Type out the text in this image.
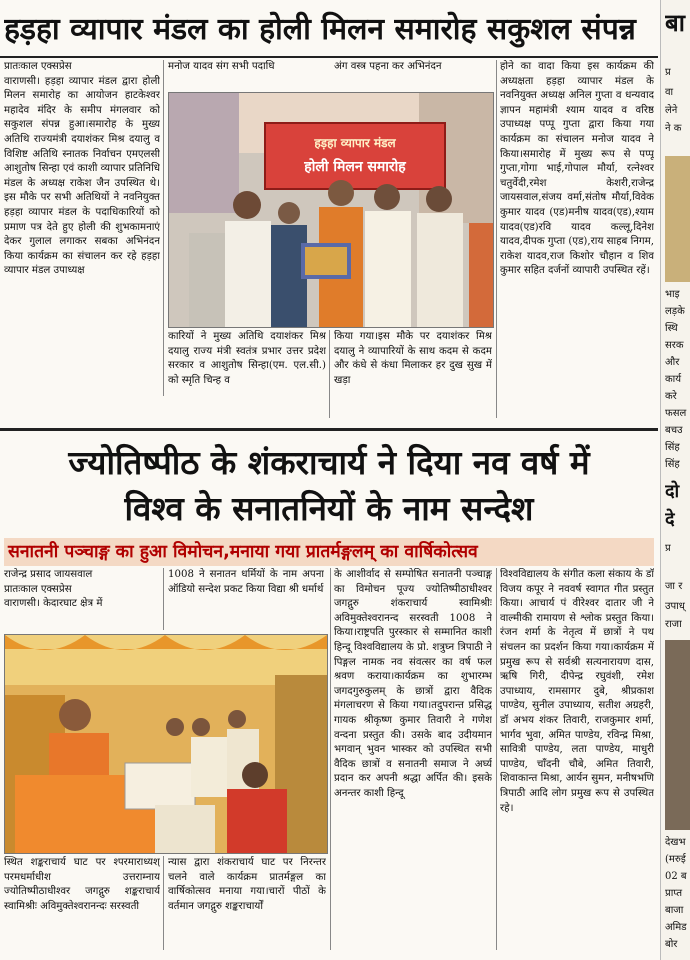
हड़हा व्यापार मंडल का होली मिलन समारोह सकुशल संपन्न
प्रातःकाल एक्सप्रेस
वाराणसी। हड़हा व्यापार मंडल द्वारा होली मिलन समारोह का आयोजन हाटकेश्वर महादेव मंदिर के समीप मंगलवार को सकुशल संपन्न हुआ।समारोह के मुख्य अतिथि राज्यमंत्री दयाशंकर मिश्र दयालु व विशिष्ट अतिथि स्नातक निर्वाचन एमएलसी आशुतोष सिन्हा एवं काशी व्यापार प्रतिनिधि मंडल के अध्यक्ष राकेश जैन उपस्थित थे।इस मौके पर सभी अतिथियों ने नवनियुक्त हड़हा व्यापार मंडल के पदाधिकारियों को प्रमाण पत्र देते हुए होली की शुभकामनाएं देकर गुलाल लगाकर सबका अभिनंदन किया कार्यक्रम का संचालन कर रहे हड़हा व्यापार मंडल उपाध्यक्ष
मनोज यादव संग सभी पदाधि	अंग वस्त्र पहना कर अभिनंदन
हड़हा व्यापार मंडल
होली मिलन समारोह
कारियों ने मुख्य अतिथि दयाशंकर मिश्र दयालु राज्य मंत्री स्वतंत्र प्रभार उत्तर प्रदेश सरकार व आशुतोष सिन्हा(एम. एल.सी.) को स्मृति चिन्ह व
किया गया।इस मौके पर दयाशंकर मिश्र दयालु ने व्यापारियों के साथ कदम से कदम और कंधे से कंधा मिलाकर हर दुख सुख में खड़ा
होने का वादा किया इस कार्यक्रम की अध्यक्षता हड़हा व्यापार मंडल के नवनियुक्त अध्यक्ष अनिल गुप्ता व धन्यवाद ज्ञापन महामंत्री श्याम यादव व वरिष्ठ उपाध्यक्ष पप्पू गुप्ता द्वारा किया गया कार्यक्रम का संचालन मनोज यादव ने किया।समारोह में मुख्य रूप से पप्पू गुप्ता,गोगा भाई,गोपाल मौर्या, रत्नेश्वर चतुर्वेदी,रमेश केशरी,राजेन्द्र जायसवाल,संजय वर्मा,संतोष मौर्या,विवेक कुमार यादव (एड)मनीष यादव(एड),श्याम यादव(एड)रवि यादव कल्लू,दिनेश यादव,दीपक गुप्ता (एड),राय साहब निगम, राकेश यादव,राज किशोर चौहान व शिव कुमार सहित दर्जनों व्यापारी उपस्थित रहें।
ज्योतिष्पीठ के शंकराचार्य ने दिया नव वर्ष में
विश्व के सनातनियों के नाम सन्देश
सनातनी पञ्चाङ्ग का हुआ विमोचन,मनाया गया प्रातर्मङ्गलम् का वार्षिकोत्सव
राजेन्द्र प्रसाद जायसवाल
प्रातःकाल एक्सप्रेस
वाराणसी। केदारघाट क्षेत्र में
1008 ने सनातन धर्मियों के नाम अपना ऑडियो सन्देश प्रकट किया विद्या श्री धर्मार्थ
स्थित शङ्कराचार्य घाट पर श्परमाराध्यश् परमधर्माधीश उत्तराम्नाय ज्योतिष्पीठाधीश्वर जगद्गुरु शङ्कराचार्य स्वामिश्रीः अविमुक्तेश्वरानन्दः सरस्वती
न्यास द्वारा शंकराचार्य घाट पर निरन्तर चलने वाले कार्यक्रम प्रातर्मङ्गल का वार्षिकोत्सव मनाया गया।चारों पीठों के वर्तमान जगद्गुरु शङ्कराचार्यों
के आशीर्वाद से सम्पोषित सनातनी पञ्चाङ्ग का विमोचन पूज्य ज्योतिष्पीठाधीश्वर जगद्गुरु शंकराचार्य स्वामिश्रीः अविमुक्तेश्वरानन्द सरस्वती 1008 ने किया।राष्ट्रपति पुरस्कार से सम्मानित काशी हिन्दू विश्वविद्यालय के प्रो. शत्रुघ्न त्रिपाठी ने पिङ्गल नामक नव संवत्सर का वर्ष फल श्रवण कराया।कार्यक्रम का शुभारम्भ जगदगुरुकुलम् के छात्रों द्वारा वैदिक मंगलाचरण से किया गया।तदुपरान्त प्रसिद्ध गायक श्रीकृष्ण कुमार तिवारी ने गणेश वन्दना प्रस्तुत की। उसके बाद उदीयमान भगवान् भुवन भास्कर को उपस्थित सभी वैदिक छात्रों व सनातनी समाज ने अर्घ्य प्रदान कर अपनी श्रद्धा अर्पित की। इसके अनन्तर काशी हिन्दू
विश्वविद्यालय के संगीत कला संकाय के डॉ विजय कपूर ने नववर्ष स्वागत गीत प्रस्तुत किया। आचार्य पं वीरेश्वर दातार जी ने वाल्मीकी रामायण से श्लोक प्रस्तुत किया। रंजन शर्मा के नेतृत्व में छात्रों ने पथ संचलन का प्रदर्शन किया गया।कार्यक्रम में प्रमुख रूप से सर्वश्री सत्यनारायण दास, ऋषि गिरी, दीपेन्द्र रघुवंशी, रमेश उपाध्याय, रामसागर दुबे, श्रीप्रकाश पाण्डेय, सुनील उपाध्याय, सतीश अग्रहरी, डॉ अभय शंकर तिवारी, राजकुमार शर्मा, भार्गव भुवा, अमित पाण्डेय, रविन्द्र मिश्रा, सावित्री पाण्डेय, लता पाण्डेय, माधुरी पाण्डेय, चाँदनी चौबे, अमित तिवारी, शिवाकान्त मिश्रा, आर्यन सुमन, मनीषभणि त्रिपाठी आदि लोग प्रमुख रूप से उपस्थित रहे।
बा
प्र
वा
लेने
ने क
भाइ
लड़के
स्थि
सरक
और
कार्य
करे
फसल
बचउ
सिंह
सिंह
दो
दे
प्र
जा र
उपाध्
राजा
देखभ
(मरुई
02 ब
प्राप्त
बाजा
अमिड
बोर
